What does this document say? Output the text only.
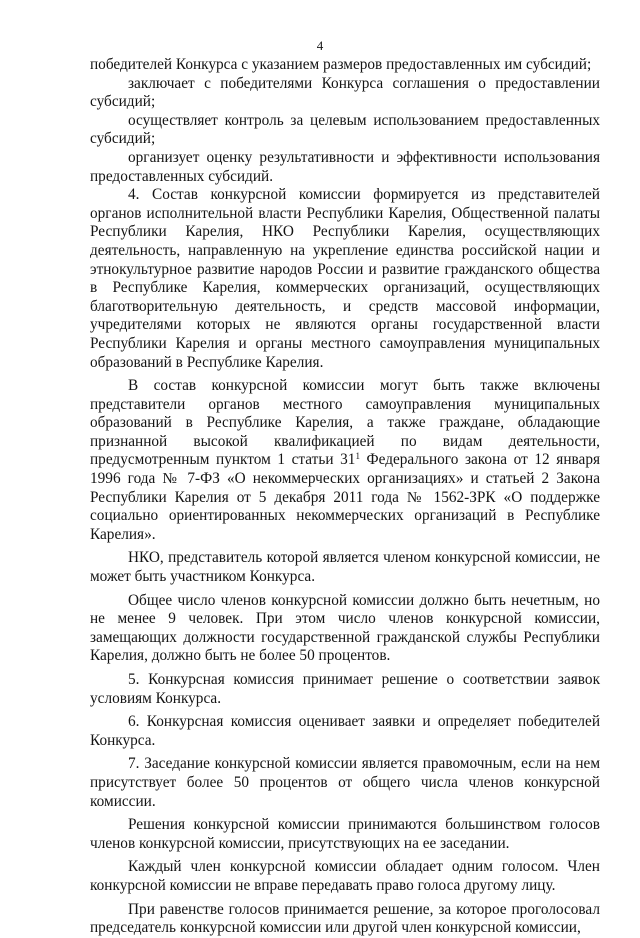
4

победителей Конкурса с указанием размеров предоставленных им субсидий;

заключает с победителями Конкурса соглашения о предоставлении субсидий;

осуществляет контроль за целевым использованием предоставленных субсидий;

организует оценку результативности и эффективности использования предоставленных субсидий.

4. Состав конкурсной комиссии формируется из представителей органов исполнительной власти Республики Карелия, Общественной палаты Республики Карелия, НКО Республики Карелия, осуществляющих деятельность, направленную на укрепление единства российской нации и этнокультурное развитие народов России и развитие гражданского общества в Республике Карелия, коммерческих организаций, осуществляющих благотворительную деятельность, и средств массовой информации, учредителями которых не являются органы государственной власти Республики Карелия и органы местного самоуправления муниципальных образований в Республике Карелия.

В состав конкурсной комиссии могут быть также включены представители органов местного самоуправления муниципальных образований в Республике Карелия, а также граждане, обладающие признанной высокой квалификацией по видам деятельности, предусмотренным пунктом 1 статьи $31^1$ Федерального закона от 12 января 1996 года № 7-ФЗ «О некоммерческих организациях» и статьей 2 Закона Республики Карелия от 5 декабря 2011 года № 1562-ЗРК «О поддержке социально ориентированных некоммерческих организаций в Республике Карелия».

НКО, представитель которой является членом конкурсной комиссии, не может быть участником Конкурса.

Общее число членов конкурсной комиссии должно быть нечетным, но не менее 9 человек. При этом число членов конкурсной комиссии, замещающих должности государственной гражданской службы Республики Карелия, должно быть не более 50 процентов.

5. Конкурсная комиссия принимает решение о соответствии заявок условиям Конкурса.

6. Конкурсная комиссия оценивает заявки и определяет победителей Конкурса.

7. Заседание конкурсной комиссии является правомочным, если на нем присутствует более 50 процентов от общего числа членов конкурсной комиссии.

Решения конкурсной комиссии принимаются большинством голосов членов конкурсной комиссии, присутствующих на ее заседании.

Каждый член конкурсной комиссии обладает одним голосом. Член конкурсной комиссии не вправе передавать право голоса другому лицу.

При равенстве голосов принимается решение, за которое проголосовал председатель конкурсной комиссии или другой член конкурсной комиссии,
